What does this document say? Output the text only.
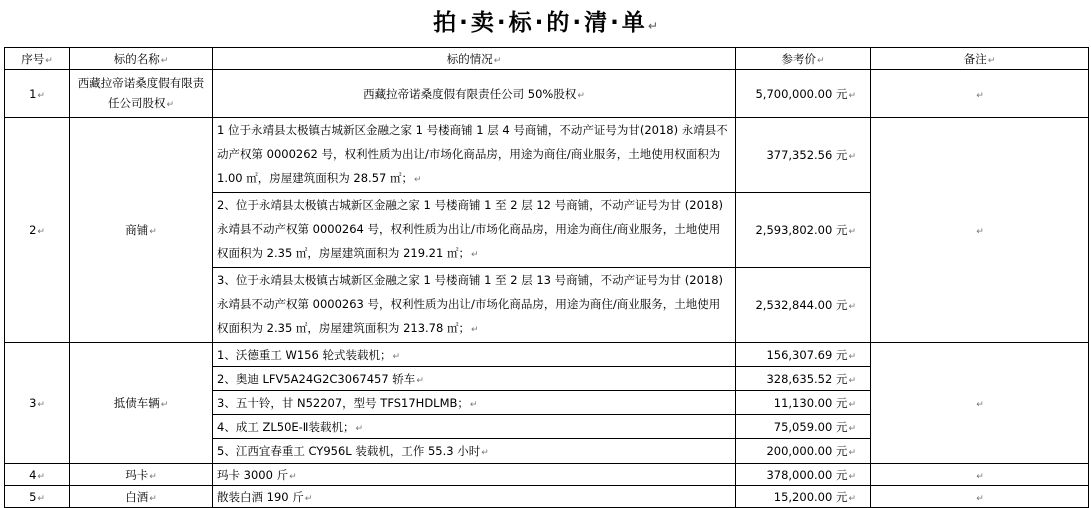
拍·卖·标·的·清·单↵
序号↵	标的名称↵	标的情况↵	参考价↵	备注↵
1↵	西藏拉帝诺桑度假有限责任公司股权↵	西藏拉帝诺桑度假有限责任公司 50%股权↵	5,700,000.00 元↵	↵
2↵	商铺↵	1 位于永靖县太极镇古城新区金融之家 1 号楼商铺 1 层 4 号商铺，不动产证号为甘(2018) 永靖县不动产权第 0000262 号，权利性质为出让/市场化商品房，用途为商住/商业服务，土地使用权面积为 1.00 ㎡，房屋建筑面积为 28.57 ㎡；↵	377,352.56 元↵	↵
		2、位于永靖县太极镇古城新区金融之家 1 号楼商铺 1 至 2 层 12 号商铺，不动产证号为甘 (2018) 永靖县不动产权第 0000264 号，权利性质为出让/市场化商品房，用途为商住/商业服务，土地使用权面积为 2.35 ㎡，房屋建筑面积为 219.21 ㎡；↵	2,593,802.00 元↵	
		3、位于永靖县太极镇古城新区金融之家 1 号楼商铺 1 至 2 层 13 号商铺，不动产证号为甘 (2018) 永靖县不动产权第 0000263 号，权利性质为出让/市场化商品房，用途为商住/商业服务，土地使用权面积为 2.35 ㎡，房屋建筑面积为 213.78 ㎡；↵	2,532,844.00 元↵	
3↵	抵债车辆↵	1、沃德重工 W156 轮式装载机；↵	156,307.69 元↵	↵
		2、奥迪 LFV5A24G2C3067457 轿车↵	328,635.52 元↵	
		3、五十铃，甘 N52207，型号 TFS17HDLMB；↵	11,130.00 元↵	
		4、成工 ZL50E-Ⅱ装载机；↵	75,059.00 元↵	
		5、江西宜春重工 CY956L 装载机，工作 55.3 小时↵	200,000.00 元↵	
4↵	玛卡↵	玛卡 3000 斤↵	378,000.00 元↵	↵
5↵	白酒↵	散装白酒 190 斤↵	15,200.00 元↵	↵
